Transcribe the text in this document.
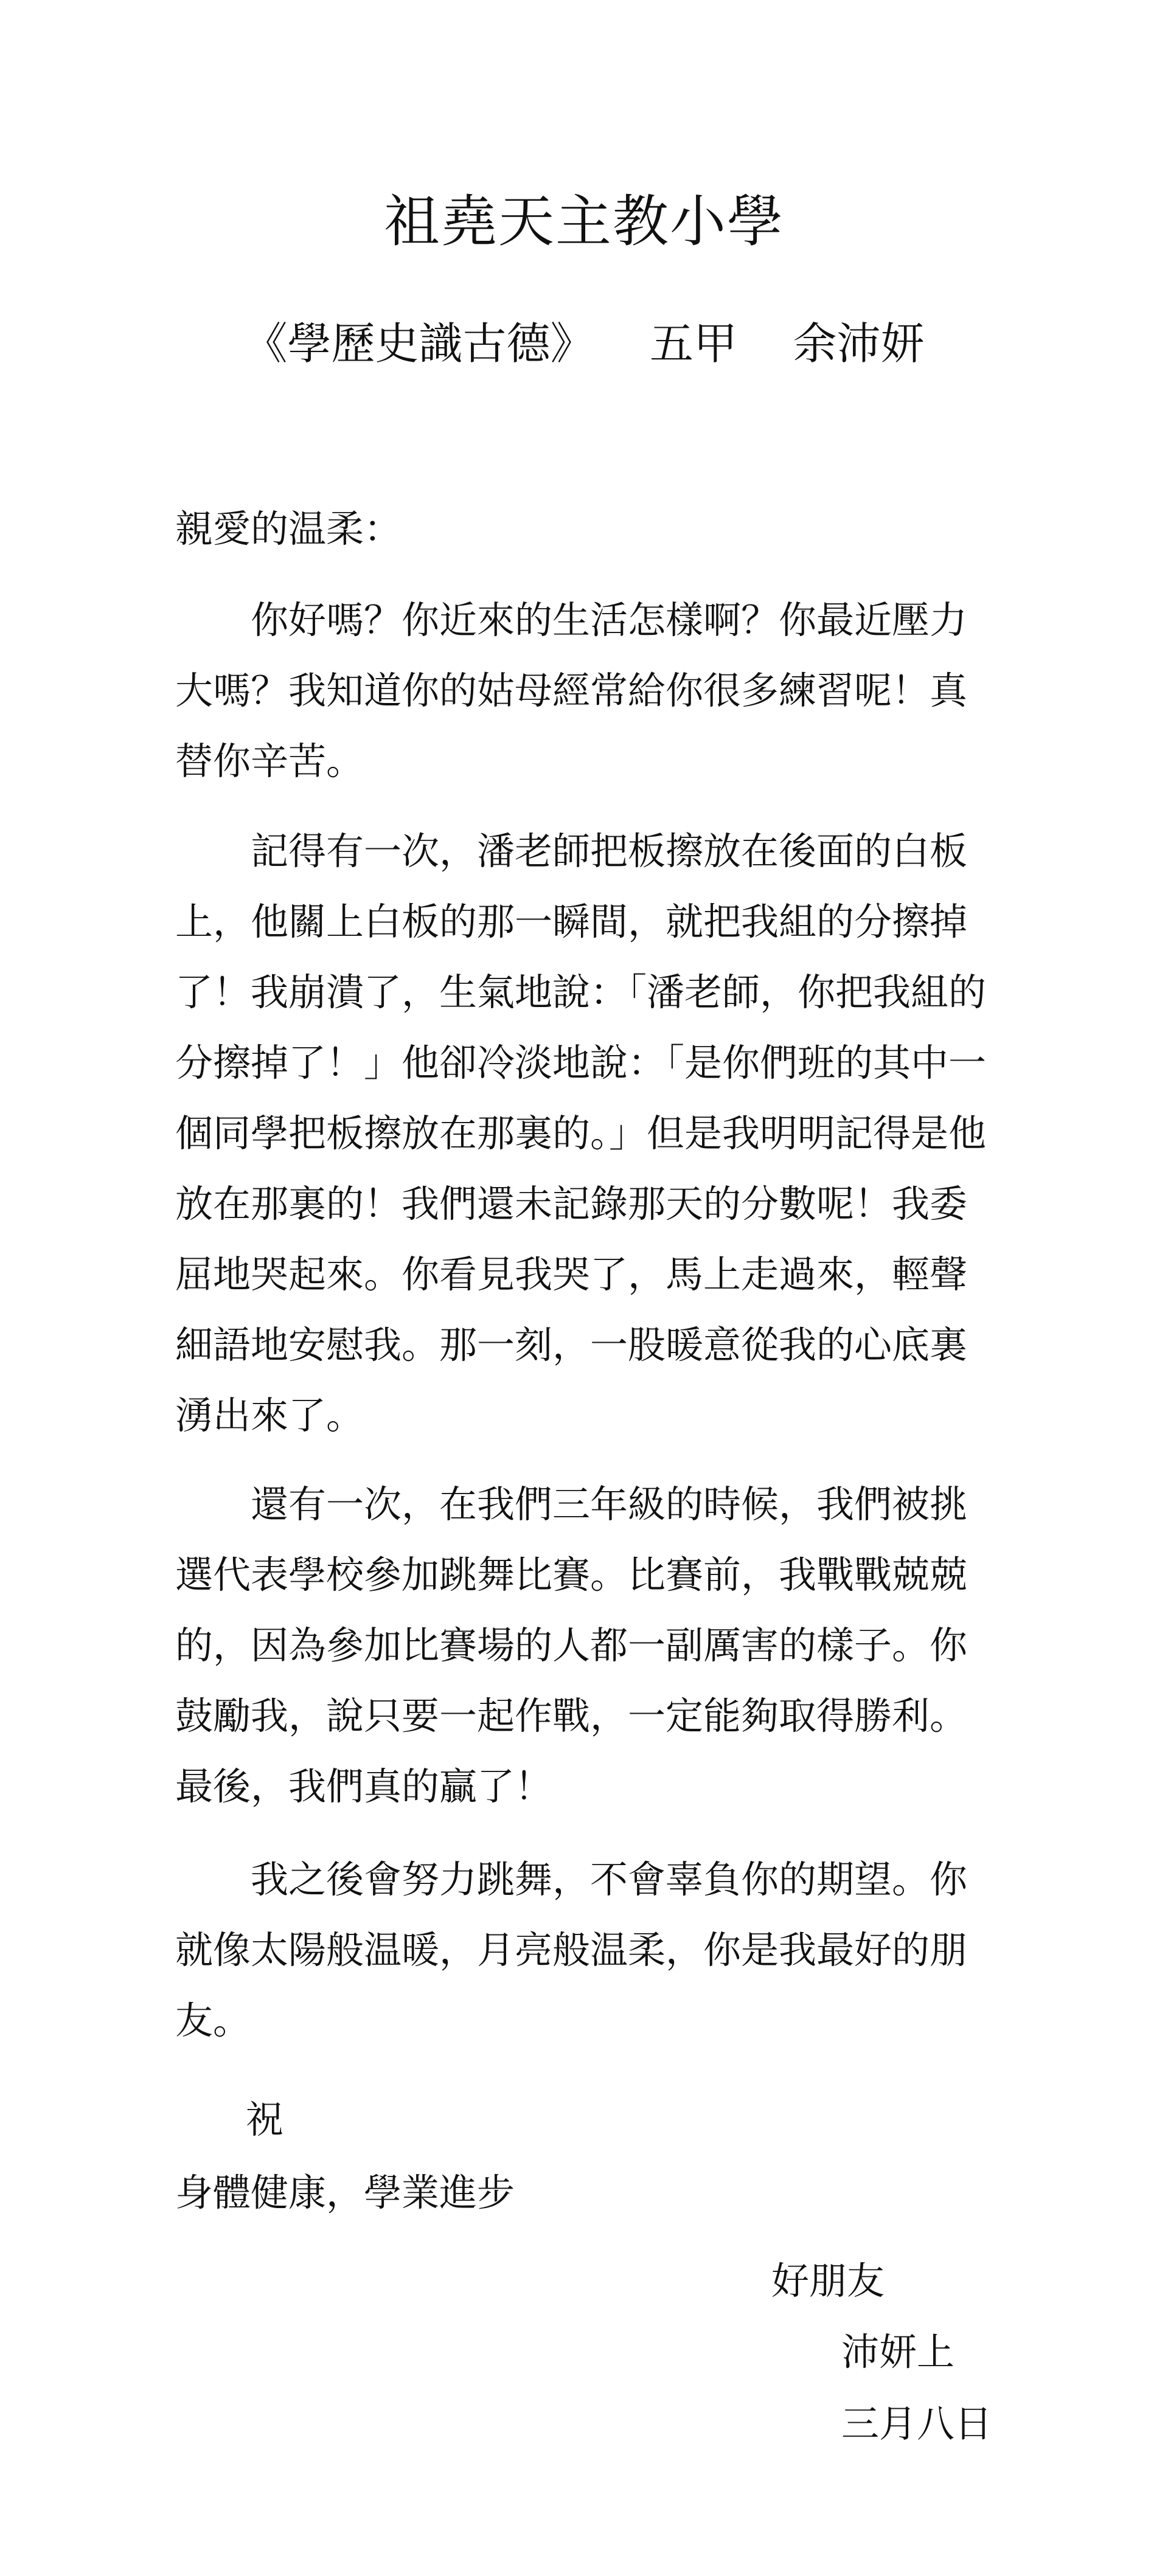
祖堯天主教小學
《學歷史識古德》    五甲    余沛妍
親愛的温柔：

你好嗎？你近來的生活怎樣啊？你最近壓力大嗎？我知道你的姑母經常給你很多練習呢！真替你辛苦。

記得有一次，潘老師把板擦放在後面的白板上，他關上白板的那一瞬間，就把我組的分擦掉了！我崩潰了，生氣地說：「潘老師，你把我組的分擦掉了！」他卻冷淡地說：「是你們班的其中一個同學把板擦放在那裏的。」但是我明明記得是他放在那裏的！我們還未記錄那天的分數呢！我委屈地哭起來。你看見我哭了，馬上走過來，輕聲細語地安慰我。那一刻，一股暖意從我的心底裏湧出來了。

還有一次，在我們三年級的時候，我們被挑選代表學校參加跳舞比賽。比賽前，我戰戰兢兢的，因為參加比賽場的人都一副厲害的樣子。你鼓勵我，說只要一起作戰，一定能夠取得勝利。最後，我們真的贏了！

我之後會努力跳舞，不會辜負你的期望。你就像太陽般温暖，月亮般温柔，你是我最好的朋友。

祝
身體健康，學業進步
好朋友
沛妍上
三月八日
